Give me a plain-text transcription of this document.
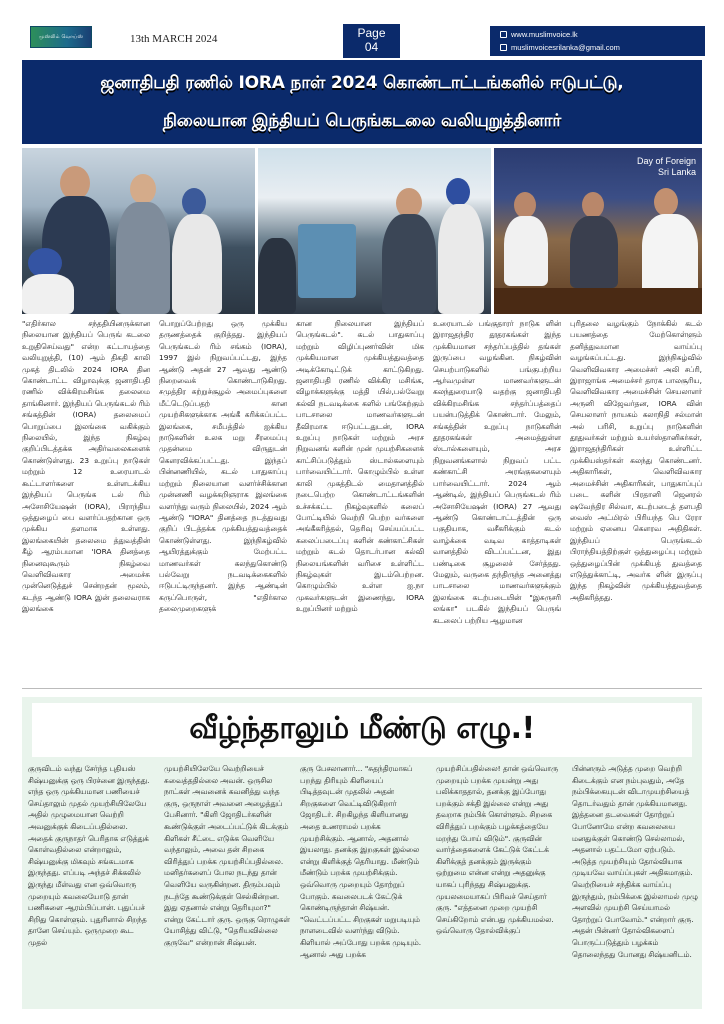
முஸ்லிம் வொய்ஸ்	13th MARCH 2024	Page
04
www.muslimvoice.lk
muslimvoicesrilanka@gmail.com
ஜனாதிபதி ரணில் IORA நாள் 2024 கொண்டாட்டங்களில் ஈடுபட்டு,
நிலையான இந்தியப் பெருங்கடலை வலியுறுத்தினார்
Day of Foreign
Sri Lanka

"எதிர்கால சந்ததியினருக்கான நிலையான இந்தியப் பெருங் கடலை உறுதிசெய்வது" என்ற கட்டாயத்தை வலியுறுத்தி, (10) ஆம் திகதி காலி முகத் திடலில் 2024 IORA தின கொண்டாட்ட விழாவுக்கு ஜனாதிபதி ரணில் விக்கிரமசிங்க தலைமை தாங்கினார். இந்தியப் பெருங்கடல் ரிம் சங்கத்தின் (IORA) தலைமைப் பொறுப்பை இலங்கை வகிக்கும் நிலையில், இந்த நிகழ்வு குறிப்பிடத்தக்க அதிர்வலைகளைக் கொண்டுள்ளது. 23 உறுப்பு நாடுகள் மற்றும் 12 உரையாடல் கூட்டாளர்களை உள்ளடக்கிய இந்தியப் பெருங்க டல் ரிம் அசோசியேஷன் (IORA), பிராந்திய ஒத்துழைப் பை வளர்ப்பதற்கான ஒரு முக்கிய தளமாக உள்ளது. இலங்கையின் தலைமை த்துவத்தின் கீழ் ஆரம்பமான 'IORA தினத்தை நினைவுகூரும் நிகழ்வை வெளிவிவகார அமைச்சு முன்னெடுத்துச் சென்றதன் மூலம், கடந்த ஆண்டு IORA இன் தலைவராக இலங்கை

பொறுப்பேற்றது ஒரு முக்கிய தருணத்தைக் குறித்தது. இந்தியப் பெருங்கடல் ரிம் சங்கம் (IORA), 1997 இல் நிறுவப்பட்டது, இந்த ஆண்டு அதன் 27 ஆவது ஆண்டு நிறைவைக் கொண்டாடுகிறது. சமுத்திர சுற்றுச்சூழல் அமைப்புகளை மீட்டெடுப்பதற் கான முயற்சிகளுக்காக அங்கீ கரிக்கப்பட்ட இலங்கை, சமீபத்தில் ஐக்கிய நாடுகளின் உலக மறு சீரமைப்பு முதன்மை விருதுடன் கௌரவிக்கப்பட்டது. இந்தப் பின்னணியில், கடல் பாதுகாப்பு மற்றும் நிலையான வளர்ச்சிக்கான முன்னணி வழக்கறிஞராக இலங்கை வளர்ந்து வரும் நிலையில், 2024 ஆம் ஆண்டு "IORA" தினத்தை நடத்துவது குறிப் பிடத்தக்க முக்கியத்துவத்தைக் கொண்டுள்ளது. இந்நிகழ்வில் ஆயிரத்துக்கும் மேற்பட்ட மாணவர்கள் கலந்துகொண்டு பல்வேறு நடவடிக்கைகளில் ஈடுபட்டிருந்தனர். இந்த ஆண்டின் கருப்பொருள், "எதிர்கால தலைமுறைகளுக்

கான நிலையான இந்தியப் பெருங்கடல்". கடல் பாதுகாப்பு மற்றும் விழிப்புணர்வின் மிக முக்கியமான முக்கியத்துவத்தை அடிக்கோடிட்டுக் காட்டுகிறது. ஜனாதிபதி ரணில் விக்கிர மசிங்க, விழாக்களுக்கு மத்தி யில்,பல்வேறு கல்வி நடவடிக்கை களில் பங்கேற்கும் பாடசாலை மாணவர்களுடன் தீவிரமாக ஈடுபட்டதுடன், IORA உறுப்பு நாடுகள் மற்றும் அரச நிறுவனங் களின் முன் முயற்சிகளைக் காட்சிப்படுத்தும் ஸ்டால்களையும் பார்வையிட்டார். கொழும்பில் உள்ள காலி முகத்திடல் மைதானத்தில் நடைபெற்ற கொண்டாட்டங்களின் உச்சக்கட்ட நிகழ்வுகளில் கலைப் போட்டியில் வெற்றி பெற்ற வர்களை அங்கீகரித்தல், தெரிவு செய்யப்பட்ட கலைப்படைப்பு களின் கண்காட்சிகள் மற்றும் கடல் தொடர்பான கல்வி நிலையங்களின் வரிசை உள்ளிட்ட நிகழ்வுகள் இடம்பெற்றன. கொழும்பில் உள்ள ஐ.நா முகவர்களுடன் இணைந்து, IORA உறுப்பினர் மற்றும்

உரையாடல் பங்குதாரர் நாடுக ளின் இராஜதந்திர தூதரகங்கள் இந்த முக்கியமான சந்தர்ப்பத்தில் தங்கள் இருப்பை வழங்கின. நிகழ்வின் செயற்பாடுகளில் பங்குபற்றிய ஆர்வமுள்ள மாணவர்களுடன் கலந்துரையாடு வதற்கு ஜனாதிபதி விக்கிரமசிங்க சந்தர்ப்பத்தைப் பயன்படுத்திக் கொண்டார். மேலும், சங்கத்தின் உறுப்பு நாடுகளின் தூதரகங்கள் அமைத்துள்ள ஸ்டால்களையும், அரச நிறுவனங்களால் நிறுவப் பட்ட கண்காட்சி அரங்குகளையும் பார்வையிட்டார். 2024 ஆம் ஆண்டில், இந்தியப் பெருங்கடல் ரிம் அசோசியேஷன் (IORA) 27 ஆவது ஆண்டு கொண்டாட்டத்தின் ஒரு பகுதியாக, வசீகரிக்கும் கடல் வாழ்க்கை வடிவ காத்தாடிகள் வானத்தில் விடப்பட்டன, இது பண்டிகை சூழலைச் சேர்த்தது. மேலும், வருகை தந்திருந்த அனைத்து பாடசாலை மாணவர்களுக்கும் இலங்கை கடற்படையின் "இசுருசரி லங்கா" படகில் இந்தியப் பெருங் கடலைப் பற்றிய ஆழமான

புரிதலை வழங்கும் நோக்கில் கடல் பயணத்தை மேற்கொள்ளும் தனித்துவமான வாய்ப்பு வழங்கப்பட்டது. இந்நிகழ்வில் வெளிவிவகார அமைச்சர் அலி சப்ரி, இராஜாங்க அமைச்சர் தாரக பாலசூரிய, வெளிவிவகார அமைச்சின் செயலாளர் அருனி விஜேவர்தன, IORA வின் செயலாளர் நாயகம் கலாநிதி சல்மான் அல் பரிசி, உறுப்பு நாடுகளின் தூதுவர்கள் மற்றும் உயர்ஸ்தானிகர்கள், இராஜதந்திரிகள் உள்ளிட்ட முக்கியஸ்தர்கள் கலந்து கொண்டனர். அதிகாரிகள், வெளிவிவகார அமைச்சின் அதிகாரிகள், பாதுகாப்புப் படை களின் பிரதானி ஜெனரல் ஷவேந்திர சில்வா, கடற்படைத் தளபதி வைஸ் அட்மிரல் பிரியந்த பெ ரேரா மற்றும் ஏனைய கௌரவ அதிதிகள். இந்தியப் பெருங்கடல் பிராந்தியத்திற்குள் ஒத்துழைப்பு மற்றும் ஒத்துழைப்பின் முக்கியத் துவத்தை எடுத்துக்காட்டி, அவர்க ளின் இருப்பு இந்த நிகழ்வின் முக்கியத்துவத்தை அதிகரித்தது.

வீழ்ந்தாலும் மீண்டு எழு.!

குருவிடம் வந்து சேர்ந்த புதியஸ் சிஷ்யனுக்கு ஒரு பிரச்னை இருந்தது. எந்த ஒரு முக்கியமான பணியைச் செய்தாலும் முதல் முயற்சியிலேயே அதில் முழுமையான வெற்றி அவனுக்குக் கிடைப்பதில்லை. அதைக் குருநாதர் பெரிதாக எடுத்துக் கொள்வதில்லை என்றாலும், சிஷ்யனுக்கு மிகவும் சங்கடமாக இருந்தது. எப்படி அந்தச் சிக்கலில் இருந்து மீள்வது என ஒவ்வொரு முறையும் கவலையோடு தான் பணிகளை ஆரம்பிப்பான். புதுப்பச் சிறிது கொள்ளும். புதுரிளால் சிறந்த தானே செய்யும். ஒருமுறை கூட முதல்

முயற்சியிலேயே வெற்றியைச் சுவைத்ததில்லை அவன். ஒருசில நாட்கள் அவனைக் கவனித்து வந்த குரு, ஒருநாள் அவனை அழைத்துப் பேசினார். "கிளி ஜோதிடர்களின் கூண்டுக்குள் அடைப்பட்டுக் கிடக்கும் கிளிகள் சீட்டை எடுக்க வெளியே வந்தாலும், அவை தன் சிறகை விரித்துப் பறக்க முயற்சிப்பதில்லை. மனிதர்களைப் போல நடந்து தான் வெளியே வருகின்றன. திரும்பவும் நடந்தே கூண்டுக்குள் செல்கின்றன. இது ஏதனால் என்று தெரியுமா?" என்று கேட்டார் குரு. ஒருகு ரொழுகள் யோசித்து விட்டு, "தெரியவில்லை குருவே" என்றான் சிஷ்யன்.

குரு பேசலானார்... "சுதந்திரமாகப் பறந்து திரியும் கிளியைப் பிடித்தவுடன் முதலில் அதன் சிறகுகளை வெட்டிவிடுகிறார் ஜோதிடர். சிறகிழந்த கிளியானது அதை உணராமல் பறக்க முயற்சிக்கும். ஆனால், அதனால் இயலாது. தனக்கு இறகுகள் இல்லை என்று கிளிக்குத் தெரியாது. மீண்டும் மீண்டும் பறக்க முயற்சிக்கும். ஒவ்வொரு முறையும் தோற்றுப் போகும். கவலைபடக் கேட்டுக் கொண்டிருந்தான் சிஷ்யன். "வெட்டப்பட்ட சிறகுகள் மறுபடியும் நாளடைவில் வளர்ந்து விடும். கிளியால் அப்போது பறக்க முடியும். ஆனால் அது பறக்க

முயற்சிப்பதில்லை! தான் ஒவ்வொரு முறையும் பறக்க முயன்று அது பலிக்காததால், தனக்கு இப்போது பறக்கும் சக்தி இல்லை என்று அது தவறாக நம்பிக் கொள்ளும். சிறகை விரித்துப் பறக்கும் பழக்கத்தையே மறந்து போய் விடும்". குருவின் வார்த்தைகளைக் கேட்டுக் கேட்டக் கிளிக்குத் தனக்கும் இருக்கும் ஒற்றுமை என்ன என்று அதனுக்கு யாகப் புரிந்தது சிஷ்யனுக்கு. முயலமையாகப் பிரிவச் செய்தார் குரு. "எத்தனை முறை முயற்சி செய்கிறோம் என்பது முக்கியமல்ல. ஒவ்வொரு தோல்விக்குப்

பின்னரும் அடுத்த முறை வெற்றி கிடைக்கும் என நம்புவதும், அதே நம்பிக்கையுடன் விடாமுயற்சியைத் தொடர்வதும் தான் முக்கியமானது. இத்தனை தடவைகள் தோற்றுப் போனோமே என்ற கவலையை மனதுக்குள் கொண்டு செல்லாமல், அதனால் பதட்டமோ ஏற்படும். அடுத்த முயற்சியும் தோல்வியாக முடியவே வாய்ப்புகள் அதிகமாகும். வெற்றியைச் சந்திக்க வாய்ப்பு இருந்தும், நம்பிக்கை இல்லாமல் முழு அளவில் முயற்சி செய்யாமல் தோற்றுப் போவோம்." என்றார் குரு. அதன் பின்னர் தோல்விகளைப் பொருட்படுத்தும் பழக்கம் தொலைந்தது போனது சிஷ்யனிடம்.
